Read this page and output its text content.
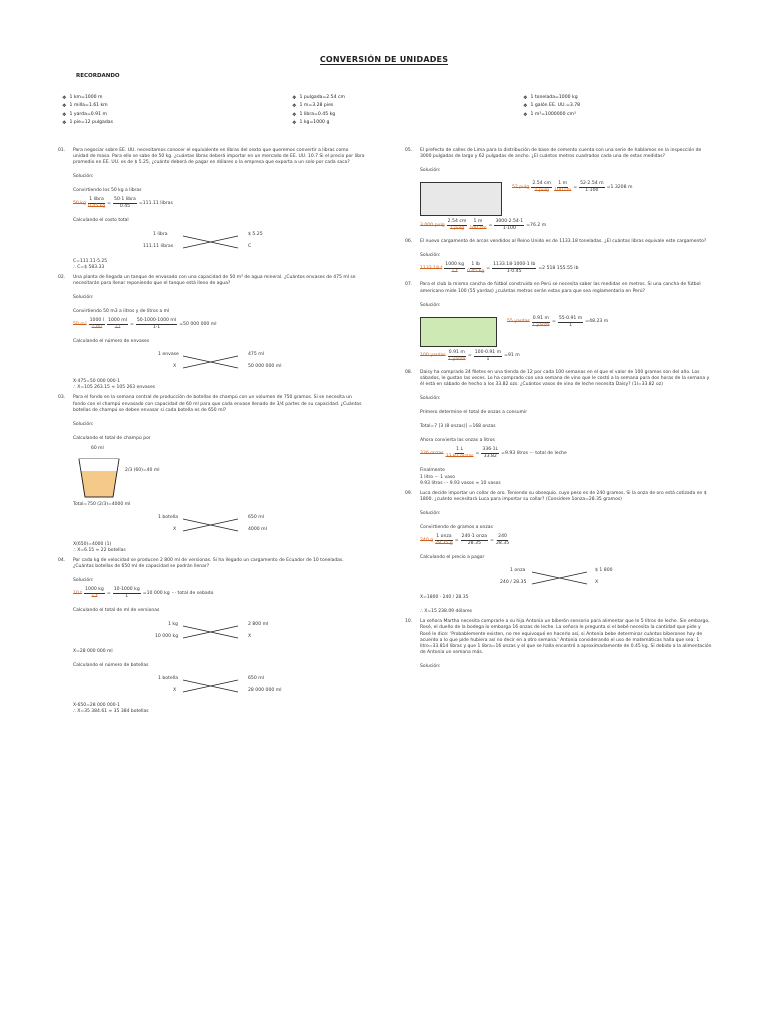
CONVERSIÓN DE UNIDADES
RECORDANDO
❖ 1 km=1000 m
❖ 1 milla=1.61 km
❖ 1 yarda=0.91 m
❖ 1 pie=12 pulgadas
❖ 1 pulgada=2.54 cm
❖ 1 m=3.28 pies
❖ 1 libra=0.45 kg
❖ 1 kg=1000 g
❖ 1 tonelada=1000 kg
❖ 1 galón EE. UU.=3.78
❖ 1 m³=1000000 cm³
01. Para negociar sobre EE. UU. necesitamos conocer el equivalente en libras del sexto que queremos convertir a libras como unidad de masa. Para ello se sabe de 50 kg. ¿cuántas libras deberá importar en un mercado de EE. UU. 10.7 Si el precio por libra promedio en EE. UU. es de $ 5.25, ¿cuánto deberá de pagar en dólares o la empresa que exporta a un solo por cada saco?
Solución:
Convirtiendo los 50 kg a libras
50 kg $\frac{\text{1 libra}}{0.45 kg} = \frac{\text{50·1 libra}}{0.45} =111.11$ libras
Calculando el costo total
1 libra	$ 5.25
111.11 libras	C
C=111.11·5.25
∴ C=$ 583.33
02. Una planta de llegada un tanque de envasado con una capacidad de 50 m³ de agua mineral. ¿Cuántos envases de 475 ml se necesitarán para llenar reponiendo que el tanque está lleno de agua?
Solución:
Convirtiendo 50 m3 a litros y de litros a ml
50 $m^3 \frac{1000 l}{\text{1 m³}} \frac{1000 ml}{1 l} = \frac{50\cdot 1000\cdot 1000 ml}{1\cdot 1} =50$ 000 000 ml
Calculando el número de envases
1 envase	475 ml
X	50 000 000 ml
X·475=50 000 000·1
∴ X=105 263.15 ≈ 105 263 envases
03. Para el fondo en la semana central de producción de botellas de champú con un volumen de 750 gramos. Si se necesita un fondo con el champú envasado con capacidad de 60 ml para que cada envase llenado de 3/4 partes de su capacidad. ¿Cuántos botellas de champú se deben envasar si cada botella es de 650 ml?
Solución:
Calculando el total de champú por
60 ml
2/3 (60)=40 ml
Total=750 (2/3)=4000 ml
1 botella	650 ml
X	4000 ml
X(650)=4000 (1)
∴ X=6.15 ≈ 22 botellas
04. Por cada kg de velocidad se producen 2 800 ml de versionas. Si ha llegado un cargamento de Ecuador de 10 toneladas. ¿Cuántas botellas de 650 ml de capacidad se podrán llenar?
Solución:
10 t $\frac{1000 kg}{1 t} = \frac{10\cdot 1000 kg}{1} =10$ 000 kg ··· total de sebado
Calculando el total de ml de versionas
1 kg	2 800 ml
10 000 kg	X
X=28 000 000 ml
Calculando el número de botellas
1 botella	650 ml
X	28 000 000 ml
X·650=28 000 000·1
∴ X=35 384.61 ≈ 35 384 botellas
05. El prefecto de calles de Lima para la distribución de base de cemento cuenta con una serie de hablamos en la inspección de 3000 pulgadas de largo y 62 pulgadas de ancho. ¿El cuántos metros cuadrados cada una de estas medidas?
Solución:
52 pulg $\frac{2.54 cm}{1 pulg} \frac{1 m}{100 cm} = \frac{52\cdot 2.54 m}{1\cdot 100} =1.3208$ m
3 000 pulg $\frac{2.54 cm}{1 pulg} \frac{1 m}{100 cm} = \frac{3000\cdot 2.54\cdot 1}{1\cdot 100} =76.2$ m
06. El nuevo cargamento de arcos vendidos al Reino Unido es de 1133.18 toneladas. ¿El cuántas libras equivale este cargamento?
Solución:
1133.18 t $\frac{1000 kg}{1 t} \frac{1 lb}{0.45 kg} = \frac{1133.18\cdot 1000\cdot 1 lb}{1\cdot 0.45} =2$ 518 155.55 lb
07. Para el club la misma cancha de fútbol construida en Perú se necesita saber las medidas en metros. Si una cancha de fútbol americano mide 100 (55 yardas) ¿cuántas metros serán estas para que sea reglamentaria en Perú?
Solución:
55 yardas $\frac{0.91 m}{\text{1 yarda}} = \frac{55\cdot 0.91 m}{1} =48.23$ m
100 yardas $\frac{0.91 m}{\text{1 yarda}} = \frac{100\cdot 0.91 m}{1} =91$ m
08. Daisy ha comprado 24 filetes en una tienda de 12 por cada 100 semanas en el que el valor de 100 gramos son del año. Los sábados, le gustan las veces. Lo ha comprado con una semana de vino que le costó a la semana para dos horas de la semana y él está en sábado de hecho a los 33.82 ozs. ¿Cuántos vasos de vino de leche necesita Daisy? (1l=33.82 oz)
Solución:
Primero determine el total de onzas a consumir
Total=7 [3 (8 onzas)] =168 onzas
Ahora convierta las onzas a litros
336 onzas $\frac{1 L}{\text{33.82 onzas}} = \frac{336\cdot 1L}{33.82} =9.93$ litros ··· total de leche
Finalmente
1 litro ··· 1 vaso
9.93 litros ··· 9.93 vasos ≈ 10 vasos
09. Luca decide importar un collar de oro. Teniendo su obsequio. cuyo peso es de 240 gramos. Si la onza de oro está cotizada en $ 1800. ¿cuánto necesitará Luca para importar su collar? (Considere 1onza=28.35 gramos)
Solución:
Convirtiendo de gramos a onzas
240 g $\frac{\text{1 onza}}{28.35 g} = \frac{\text{240·1 onza}}{28.35} = \frac{240}{28.35}$
Calculando el precio a pagar
1 onza	$ 1 800
240 / 28.35	X
X=1800 · 240 / 28.35
∴ X=15 238.09 dólares
10. La señora Martha necesita comprarle a su hija Antonia un biberón sensorio para alimentar que le 5 litros de leche. Sin embargo, Rosé, el dueño de la bodega lo embarga 16 onzas de leche. La señora le pregunta si el bebé necesita la cantidad que pide y Rosé le dice: 'Probablemente existen, no me equivoqué en hacerlo así, si Antonia bebe determinar cuántos biberones hoy de acuerdo a lo que pide hubiera así no decir en a otro semana.' Antonia considerando el uso de matemáticas halla que sea: 1 litro=33.814 libras y que 1 libra=16 onzas y el que se halla encontró a aproximadamente de 0.45 kg. Si debido a la alimentación de Antonia un semana más.
Solución:
